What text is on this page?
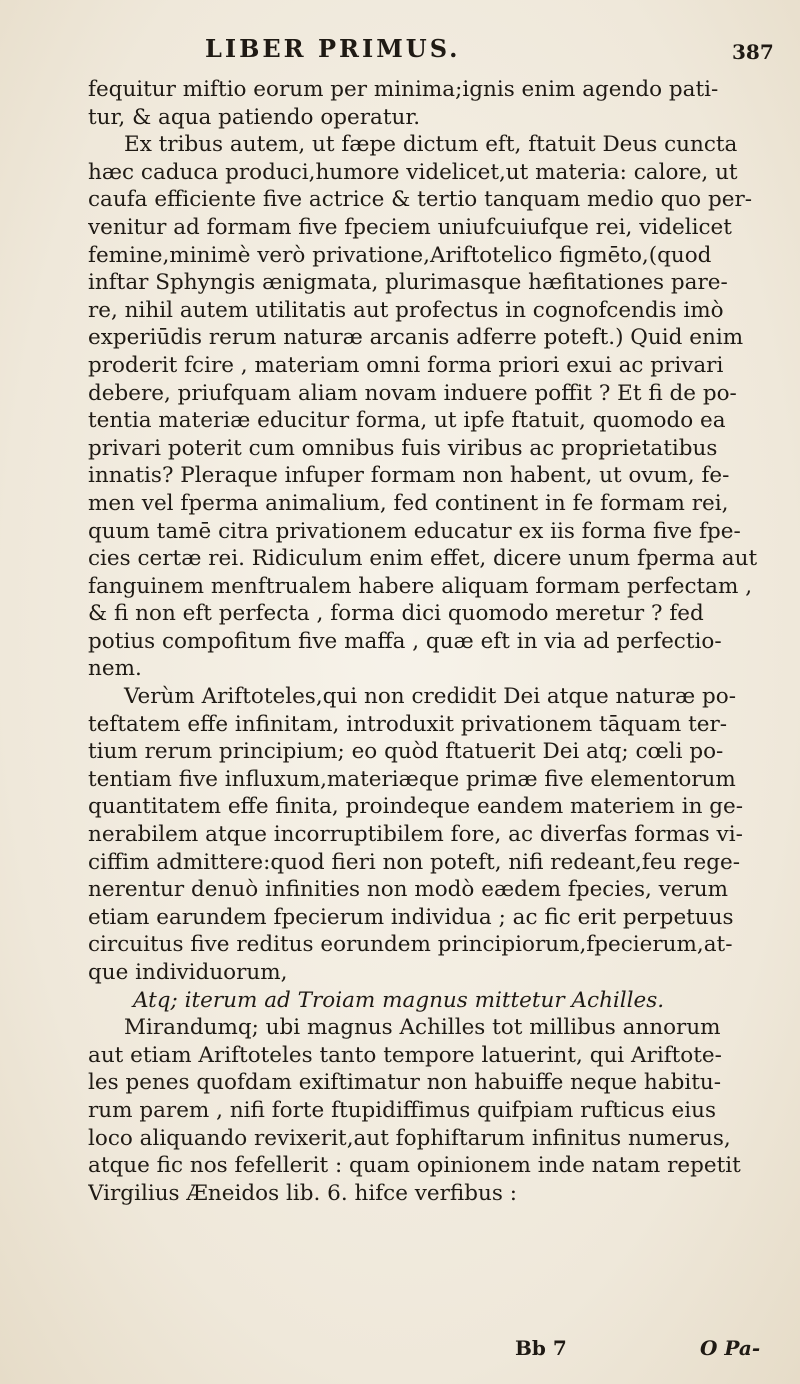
LIBER PRIMUS.	387
fequitur miftio eorum per minima;ignis enim agendo pati-
tur, & aqua patiendo operatur.
Ex tribus autem, ut fæpe dictum eft, ftatuit Deus cuncta
hæc caduca produci,humore videlicet,ut materia: calore, ut
caufa efficiente five actrice & tertio tanquam medio quo per-
venitur ad formam five fpeciem uniufcuiufque rei, videlicet
femine,minimè verò privatione,Ariftotelico figmēto,(quod
inftar Sphyngis ænigmata, plurimasque hæfitationes pare-
re, nihil autem utilitatis aut profectus in cognofcendis imò
experiūdis rerum naturæ arcanis adferre poteft.) Quid enim
proderit fcire , materiam omni forma priori exui ac privari
debere, priufquam aliam novam induere poffit ? Et fi de po-
tentia materiæ educitur forma, ut ipfe ftatuit, quomodo ea
privari poterit cum omnibus fuis viribus ac proprietatibus
innatis? Pleraque infuper formam non habent, ut ovum, fe-
men vel fperma animalium, fed continent in fe formam rei,
quum tamē citra privationem educatur ex iis forma five fpe-
cies certæ rei. Ridiculum enim effet, dicere unum fperma aut
fanguinem menftrualem habere aliquam formam perfectam ,
& fi non eft perfecta , forma dici quomodo meretur ? fed
potius compofitum five maffa , quæ eft in via ad perfectio-
nem.
Verùm Ariftoteles,qui non credidit Dei atque naturæ po-
teftatem effe infinitam, introduxit privationem tāquam ter-
tium rerum principium; eo quòd ftatuerit Dei atq; cœli po-
tentiam five influxum,materiæque primæ five elementorum
quantitatem effe finita, proindeque eandem materiem in ge-
nerabilem atque incorruptibilem fore, ac diverfas formas vi-
ciffim admittere:quod fieri non poteft, nifi redeant,feu rege-
nerentur denuò infinities non modò eædem fpecies, verum
etiam earundem fpecierum individua ; ac fic erit perpetuus
circuitus five reditus eorundem principiorum,fpecierum,at-
que individuorum,
Atq; iterum ad Troiam magnus mittetur Achilles.
Mirandumq; ubi magnus Achilles tot millibus annorum
aut etiam Ariftoteles tanto tempore latuerint, qui Ariftote-
les penes quofdam exiftimatur non habuiffe neque habitu-
rum parem , nifi forte ftupidiffimus quifpiam rufticus eius
loco aliquando revixerit,aut fophiftarum infinitus numerus,
atque fic nos fefellerit : quam opinionem inde natam repetit
Virgilius Æneidos lib. 6. hifce verfibus :
Bb 7	O Pa-
